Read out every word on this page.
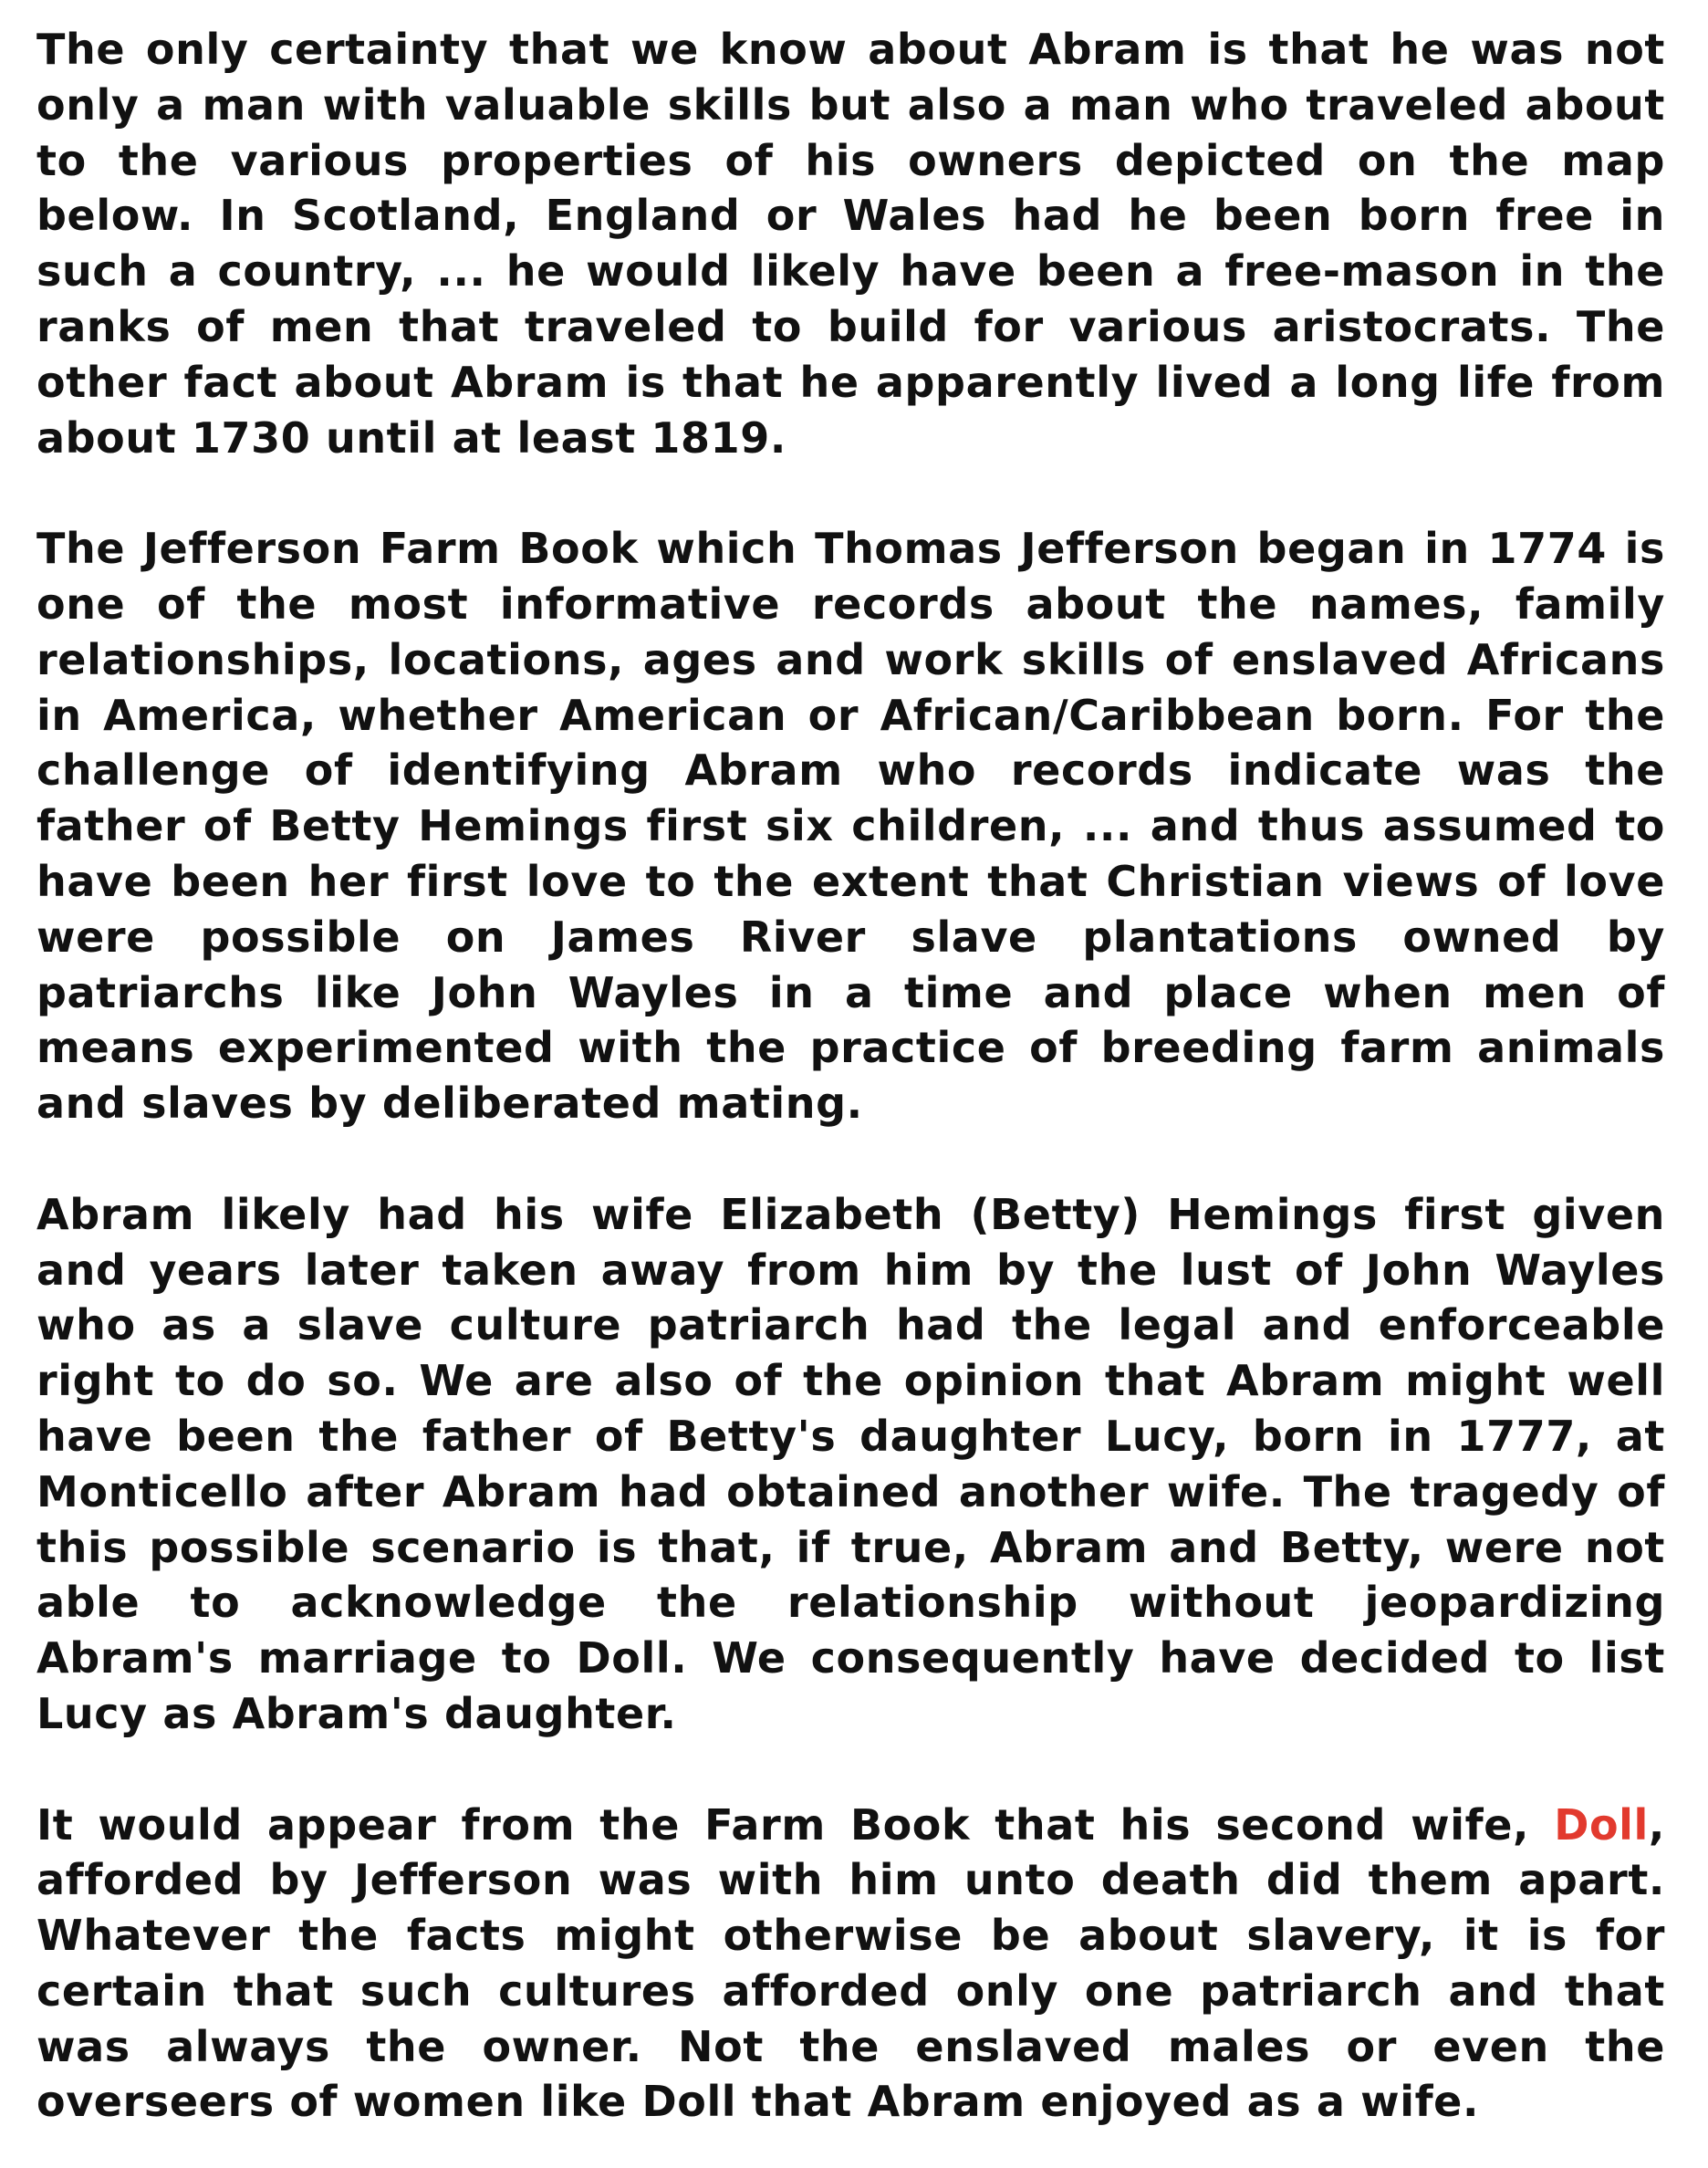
The only certainty that we know about Abram is that he was not only a man with valuable skills but also a man who traveled about to the various properties of his owners depicted on the map below. In Scotland, England or Wales had he been born free in such a country, ... he would likely have been a free-mason in the ranks of men that traveled to build for various aristocrats. The other fact about Abram is that he apparently lived a long life from about 1730 until at least 1819.

The Jefferson Farm Book which Thomas Jefferson began in 1774 is one of the most informative records about the names, family relationships, locations, ages and work skills of enslaved Africans in America, whether American or African/Caribbean born. For the challenge of identifying Abram who records indicate was the father of Betty Hemings first six children, ... and thus assumed to have been her first love to the extent that Christian views of love were possible on James River slave plantations owned by patriarchs like John Wayles in a time and place when men of means experimented with the practice of breeding farm animals and slaves by deliberated mating.

Abram likely had his wife Elizabeth (Betty) Hemings first given and years later taken away from him by the lust of John Wayles who as a slave culture patriarch had the legal and enforceable right to do so. We are also of the opinion that Abram might well have been the father of Betty's daughter Lucy, born in 1777, at Monticello after Abram had obtained another wife. The tragedy of this possible scenario is that, if true, Abram and Betty, were not able to acknowledge the relationship without jeopardizing Abram's marriage to Doll. We consequently have decided to list Lucy as Abram's daughter.

It would appear from the Farm Book that his second wife, Doll, afforded by Jefferson was with him unto death did them apart. Whatever the facts might otherwise be about slavery, it is for certain that such cultures afforded only one patriarch and that was always the owner. Not the enslaved males or even the overseers of women like Doll that Abram enjoyed as a wife.
